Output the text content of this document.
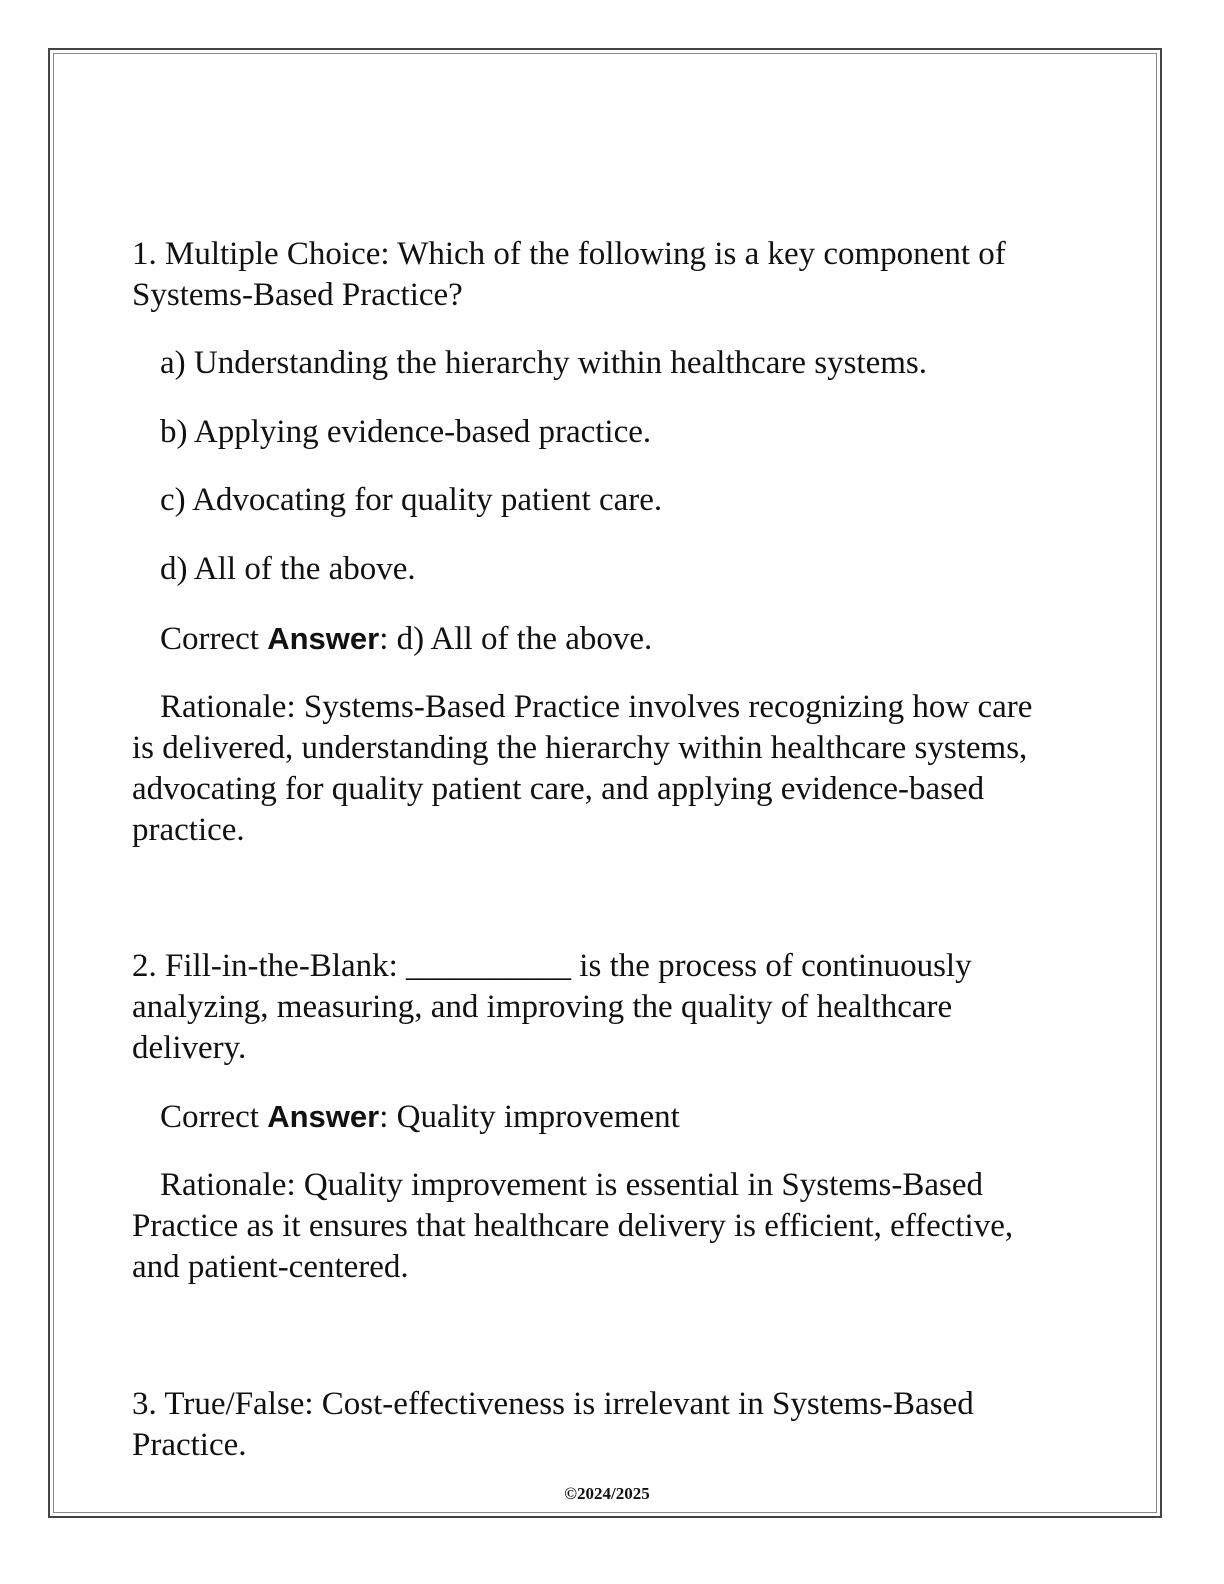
1. Multiple Choice: Which of the following is a key component of

Systems-Based Practice?

a) Understanding the hierarchy within healthcare systems.

b) Applying evidence-based practice.

c) Advocating for quality patient care.

d) All of the above.

Correct Answer: d) All of the above.

Rationale: Systems-Based Practice involves recognizing how care

is delivered, understanding the hierarchy within healthcare systems,

advocating for quality patient care, and applying evidence-based

practice.

2. Fill-in-the-Blank: __________ is the process of continuously

analyzing, measuring, and improving the quality of healthcare

delivery.

Correct Answer: Quality improvement

Rationale: Quality improvement is essential in Systems-Based

Practice as it ensures that healthcare delivery is efficient, effective,

and patient-centered.

3. True/False: Cost-effectiveness is irrelevant in Systems-Based

Practice.

©2024/2025
